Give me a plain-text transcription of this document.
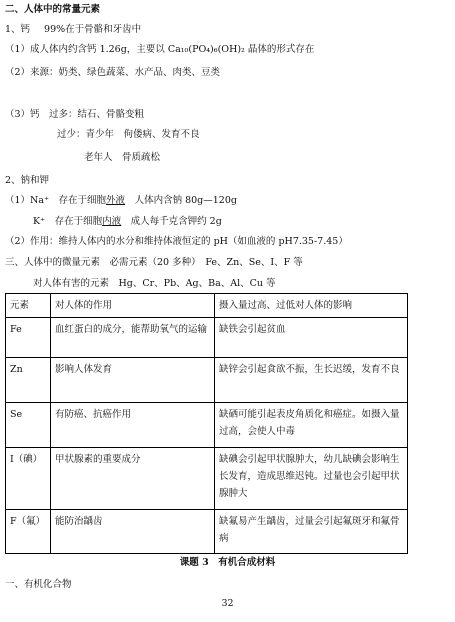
二、人体中的常量元素
1、钙 99%在于骨骼和牙齿中
（1）成人体内约含钙 1.26g，主要以 Ca₁₀(PO₄)₆(OH)₂ 晶体的形式存在
（2）来源：奶类、绿色蔬菜、水产品、肉类、豆类
（3）钙　过多：结石、骨骼变粗
过少：青少年　佝偻病、发育不良
老年人　骨质疏松
2、钠和钾
（1）Na⁺　存在于细胞外液　人体内含钠 80g—120g
K⁺　存在于细胞内液　成人每千克含钾约 2g
（2）作用：维持人体内的水分和维持体液恒定的 pH（如血液的 pH7.35-7.45）
三、人体中的微量元素　必需元素（20 多种）　Fe、Zn、Se、I、F 等
对人体有害的元素　Hg、Cr、Pb、Ag、Ba、Al、Cu 等
元素	对人体的作用	摄入量过高、过低对人体的影响
Fe	血红蛋白的成分，能帮助氧气的运输	缺铁会引起贫血
Zn	影响人体发育	缺锌会引起食欲不振，生长迟缓，发育不良
Se	有防癌、抗癌作用	缺硒可能引起表皮角质化和癌症。如摄入量过高，会使人中毒
I（碘）	甲状腺素的重要成分	缺碘会引起甲状腺肿大，幼儿缺碘会影响生长发育，造成思维迟钝。过量也会引起甲状腺肿大
F（氟）	能防治龋齿	缺氟易产生龋齿，过量会引起氟斑牙和氟骨病
课题 3　有机合成材料
一、有机化合物
32
